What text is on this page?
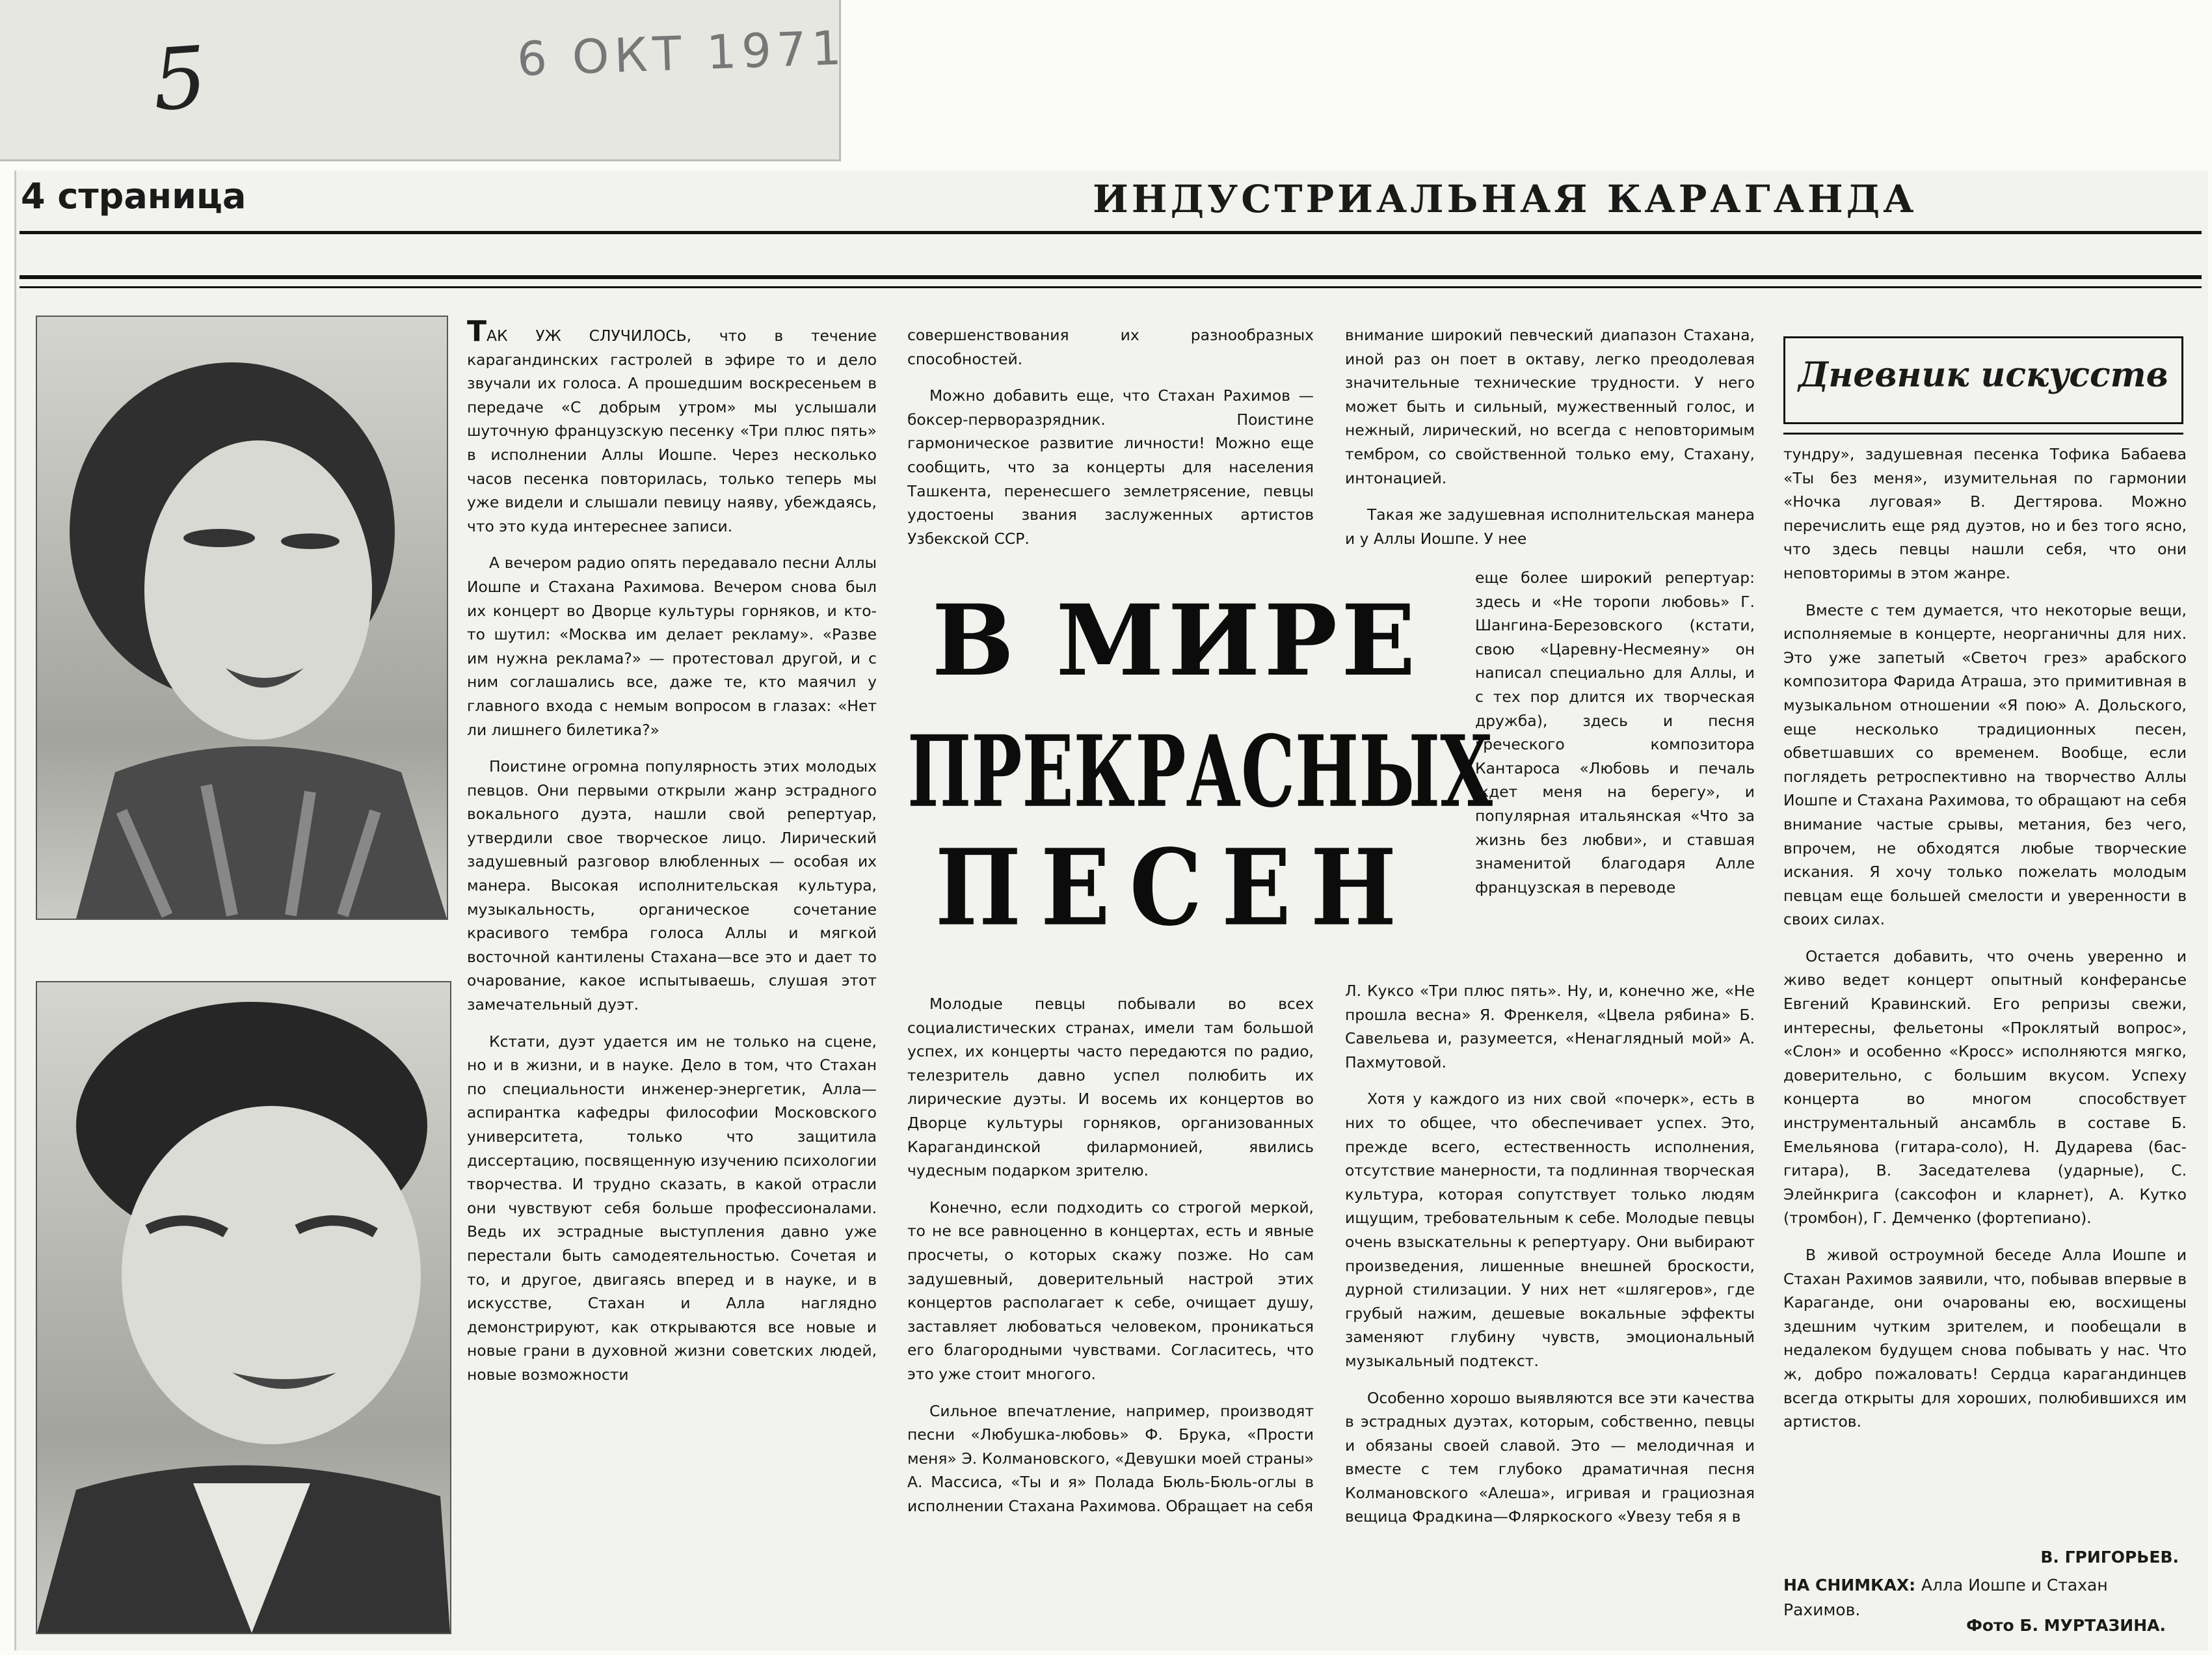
5	6 ОКТ 1971
4 страница	ИНДУСТРИАЛЬНАЯ КАРАГАНДА

ТАК УЖ СЛУЧИЛОСЬ, что в течение карагандинских гастролей в эфире то и дело звучали их голоса. А прошедшим воскресеньем в передаче «С добрым утром» мы услышали шуточную французскую песенку «Три плюс пять» в исполнении Аллы Иошпе. Через несколько часов песенка повторилась, только теперь мы уже видели и слышали певицу наяву, убеждаясь, что это куда интереснее записи.

А вечером радио опять передавало песни Аллы Иошпе и Стахана Рахимова. Вечером снова был их концерт во Дворце культуры горняков, и кто-то шутил: «Москва им делает рекламу». «Разве им нужна реклама?» — протестовал другой, и с ним соглашались все, даже те, кто маячил у главного входа с немым вопросом в глазах: «Нет ли лишнего билетика?»

Поистине огромна популярность этих молодых певцов. Они первыми открыли жанр эстрадного вокального дуэта, нашли свой репертуар, утвердили свое творческое лицо. Лирический задушевный разговор влюбленных — особая их манера. Высокая исполнительская культура, музыкальность, органическое сочетание красивого тембра голоса Аллы и мягкой восточной кантилены Стахана—все это и дает то очарование, какое испытываешь, слушая этот замечательный дуэт.

Кстати, дуэт удается им не только на сцене, но и в жизни, и в науке. Дело в том, что Стахан по специальности инженер-энергетик, Алла—аспирантка кафедры философии Московского университета, только что защитила диссертацию, посвященную изучению психологии творчества. И трудно сказать, в какой отрасли они чувствуют себя больше профессионалами. Ведь их эстрадные выступления давно уже перестали быть самодеятельностью. Сочетая и то, и другое, двигаясь вперед и в науке, и в искусстве, Стахан и Алла наглядно демонстрируют, как открываются все новые и новые грани в духовной жизни советских людей, новые возможности

совершенствования их разнообразных способностей.

Можно добавить еще, что Стахан Рахимов — боксер-перворазрядник. Поистине гармоническое развитие личности! Можно еще сообщить, что за концерты для населения Ташкента, перенесшего землетрясение, певцы удостоены звания заслуженных артистов Узбекской ССР.

В МИРЕ
ПРЕКРАСНЫХ
ПЕСЕН

Молодые певцы побывали во всех социалистических странах, имели там большой успех, их концерты часто передаются по радио, телезритель давно успел полюбить их лирические дуэты. И восемь их концертов во Дворце культуры горняков, организованных Карагандинской филармонией, явились чудесным подарком зрителю.

Конечно, если подходить со строгой меркой, то не все равноценно в концертах, есть и явные просчеты, о которых скажу позже. Но сам задушевный, доверительный настрой этих концертов располагает к себе, очищает душу, заставляет любоваться человеком, проникаться его благородными чувствами. Согласитесь, что это уже стоит многого.

Сильное впечатление, например, производят песни «Любушка-любовь» Ф. Брука, «Прости меня» Э. Колмановского, «Девушки моей страны» А. Массиса, «Ты и я» Полада Бюль-Бюль-оглы в исполнении Стахана Рахимова. Обращает на себя

внимание широкий певческий диапазон Стахана, иной раз он поет в октаву, легко преодолевая значительные технические трудности. У него может быть и сильный, мужественный голос, и нежный, лирический, но всегда с неповторимым тембром, со свойственной только ему, Стахану, интонацией.

Такая же задушевная исполнительская манера и у Аллы Иошпе. У нее

еще более широкий репертуар: здесь и «Не торопи любовь» Г. Шангина-Березовского (кстати, свою «Царевну-Несмеяну» он написал специально для Аллы, и с тех пор длится их творческая дружба), здесь и песня греческого композитора Кантароса «Любовь и печаль ждет меня на берегу», и популярная итальянская «Что за жизнь без любви», и ставшая знаменитой благодаря Алле французская в переводе

Л. Куксо «Три плюс пять». Ну, и, конечно же, «Не прошла весна» Я. Френкеля, «Цвела рябина» Б. Савельева и, разумеется, «Ненаглядный мой» А. Пахмутовой.

Хотя у каждого из них свой «почерк», есть в них то общее, что обеспечивает успех. Это, прежде всего, естественность исполнения, отсутствие манерности, та подлинная творческая культура, которая сопутствует только людям ищущим, требовательным к себе. Молодые певцы очень взыскательны к репертуару. Они выбирают произведения, лишенные внешней броскости, дурной стилизации. У них нет «шлягеров», где грубый нажим, дешевые вокальные эффекты заменяют глубину чувств, эмоциональный музыкальный подтекст.

Особенно хорошо выявляются все эти качества в эстрадных дуэтах, которым, собственно, певцы и обязаны своей славой. Это — мелодичная и вместе с тем глубоко драматичная песня Колмановского «Алеша», игривая и грациозная вещица Фрадкина—Фляркоского «Увезу тебя я в

Дневник искусств

тундру», задушевная песенка Тофика Бабаева «Ты без меня», изумительная по гармонии «Ночка луговая» В. Дегтярова. Можно перечислить еще ряд дуэтов, но и без того ясно, что здесь певцы нашли себя, что они неповторимы в этом жанре.

Вместе с тем думается, что некоторые вещи, исполняемые в концерте, неорганичны для них. Это уже запетый «Светоч грез» арабского композитора Фарида Атраша, это примитивная в музыкальном отношении «Я пою» А. Дольского, еще несколько традиционных песен, обветшавших со временем. Вообще, если поглядеть ретроспективно на творчество Аллы Иошпе и Стахана Рахимова, то обращают на себя внимание частые срывы, метания, без чего, впрочем, не обходятся любые творческие искания. Я хочу только пожелать молодым певцам еще большей смелости и уверенности в своих силах.

Остается добавить, что очень уверенно и живо ведет концерт опытный конферансье Евгений Кравинский. Его репризы свежи, интересны, фельетоны «Проклятый вопрос», «Слон» и особенно «Кросс» исполняются мягко, доверительно, с большим вкусом. Успеху концерта во многом способствует инструментальный ансамбль в составе Б. Емельянова (гитара-соло), Н. Дударева (бас-гитара), В. Заседателева (ударные), С. Элейнкрига (саксофон и кларнет), А. Кутко (тромбон), Г. Демченко (фортепиано).

В живой остроумной беседе Алла Иошпе и Стахан Рахимов заявили, что, побывав впервые в Караганде, они очарованы ею, восхищены здешним чутким зрителем, и пообещали в недалеком будущем снова побывать у нас. Что ж, добро пожаловать! Сердца карагандинцев всегда открыты для хороших, полюбившихся им артистов.

В. ГРИГОРЬЕВ.
НА СНИМКАХ: Алла Иошпе и Стахан Рахимов.
Фото Б. МУРТАЗИНА.
